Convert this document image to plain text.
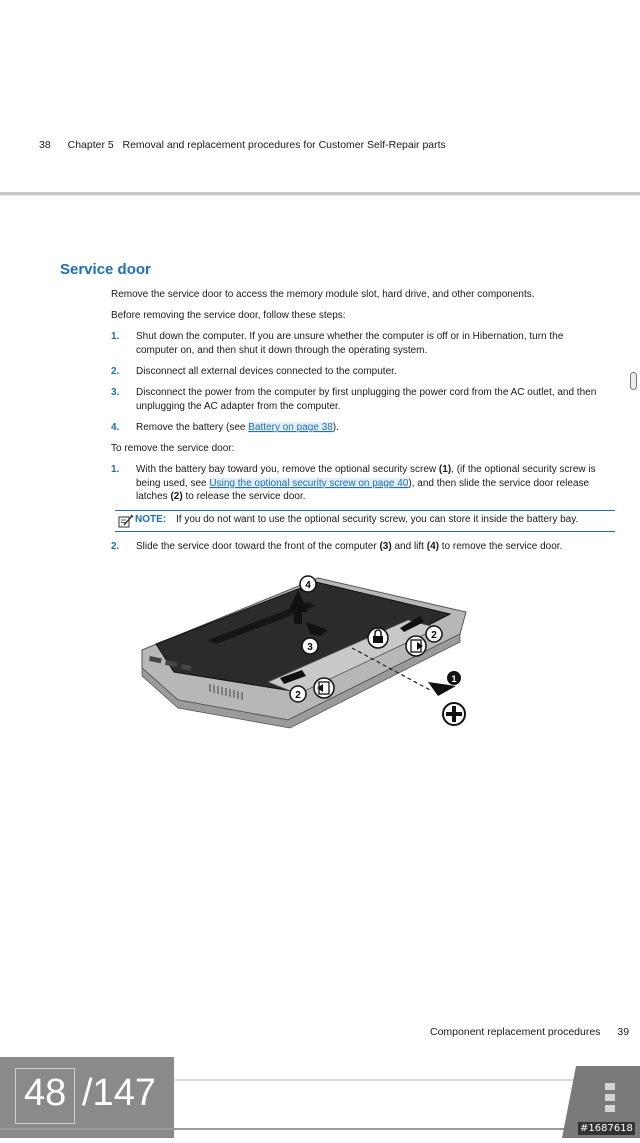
38 Chapter 5 Removal and replacement procedures for Customer Self-Repair parts
Service door
Remove the service door to access the memory module slot, hard drive, and other components.
Before removing the service door, follow these steps:
1. Shut down the computer. If you are unsure whether the computer is off or in Hibernation, turn the computer on, and then shut it down through the operating system.
2. Disconnect all external devices connected to the computer.
3. Disconnect the power from the computer by first unplugging the power cord from the AC outlet, and then unplugging the AC adapter from the computer.
4. Remove the battery (see Battery on page 38).
To remove the service door:
1. With the battery bay toward you, remove the optional security screw (1), (if the optional security screw is being used, see Using the optional security screw on page 40), and then slide the service door release latches (2) to release the service door.
NOTE: If you do not want to use the optional security screw, you can store it inside the battery bay.
2. Slide the service door toward the front of the computer (3) and lift (4) to remove the service door.
4
3
2
2
1
Component replacement procedures 39
48 /147
#1687618
